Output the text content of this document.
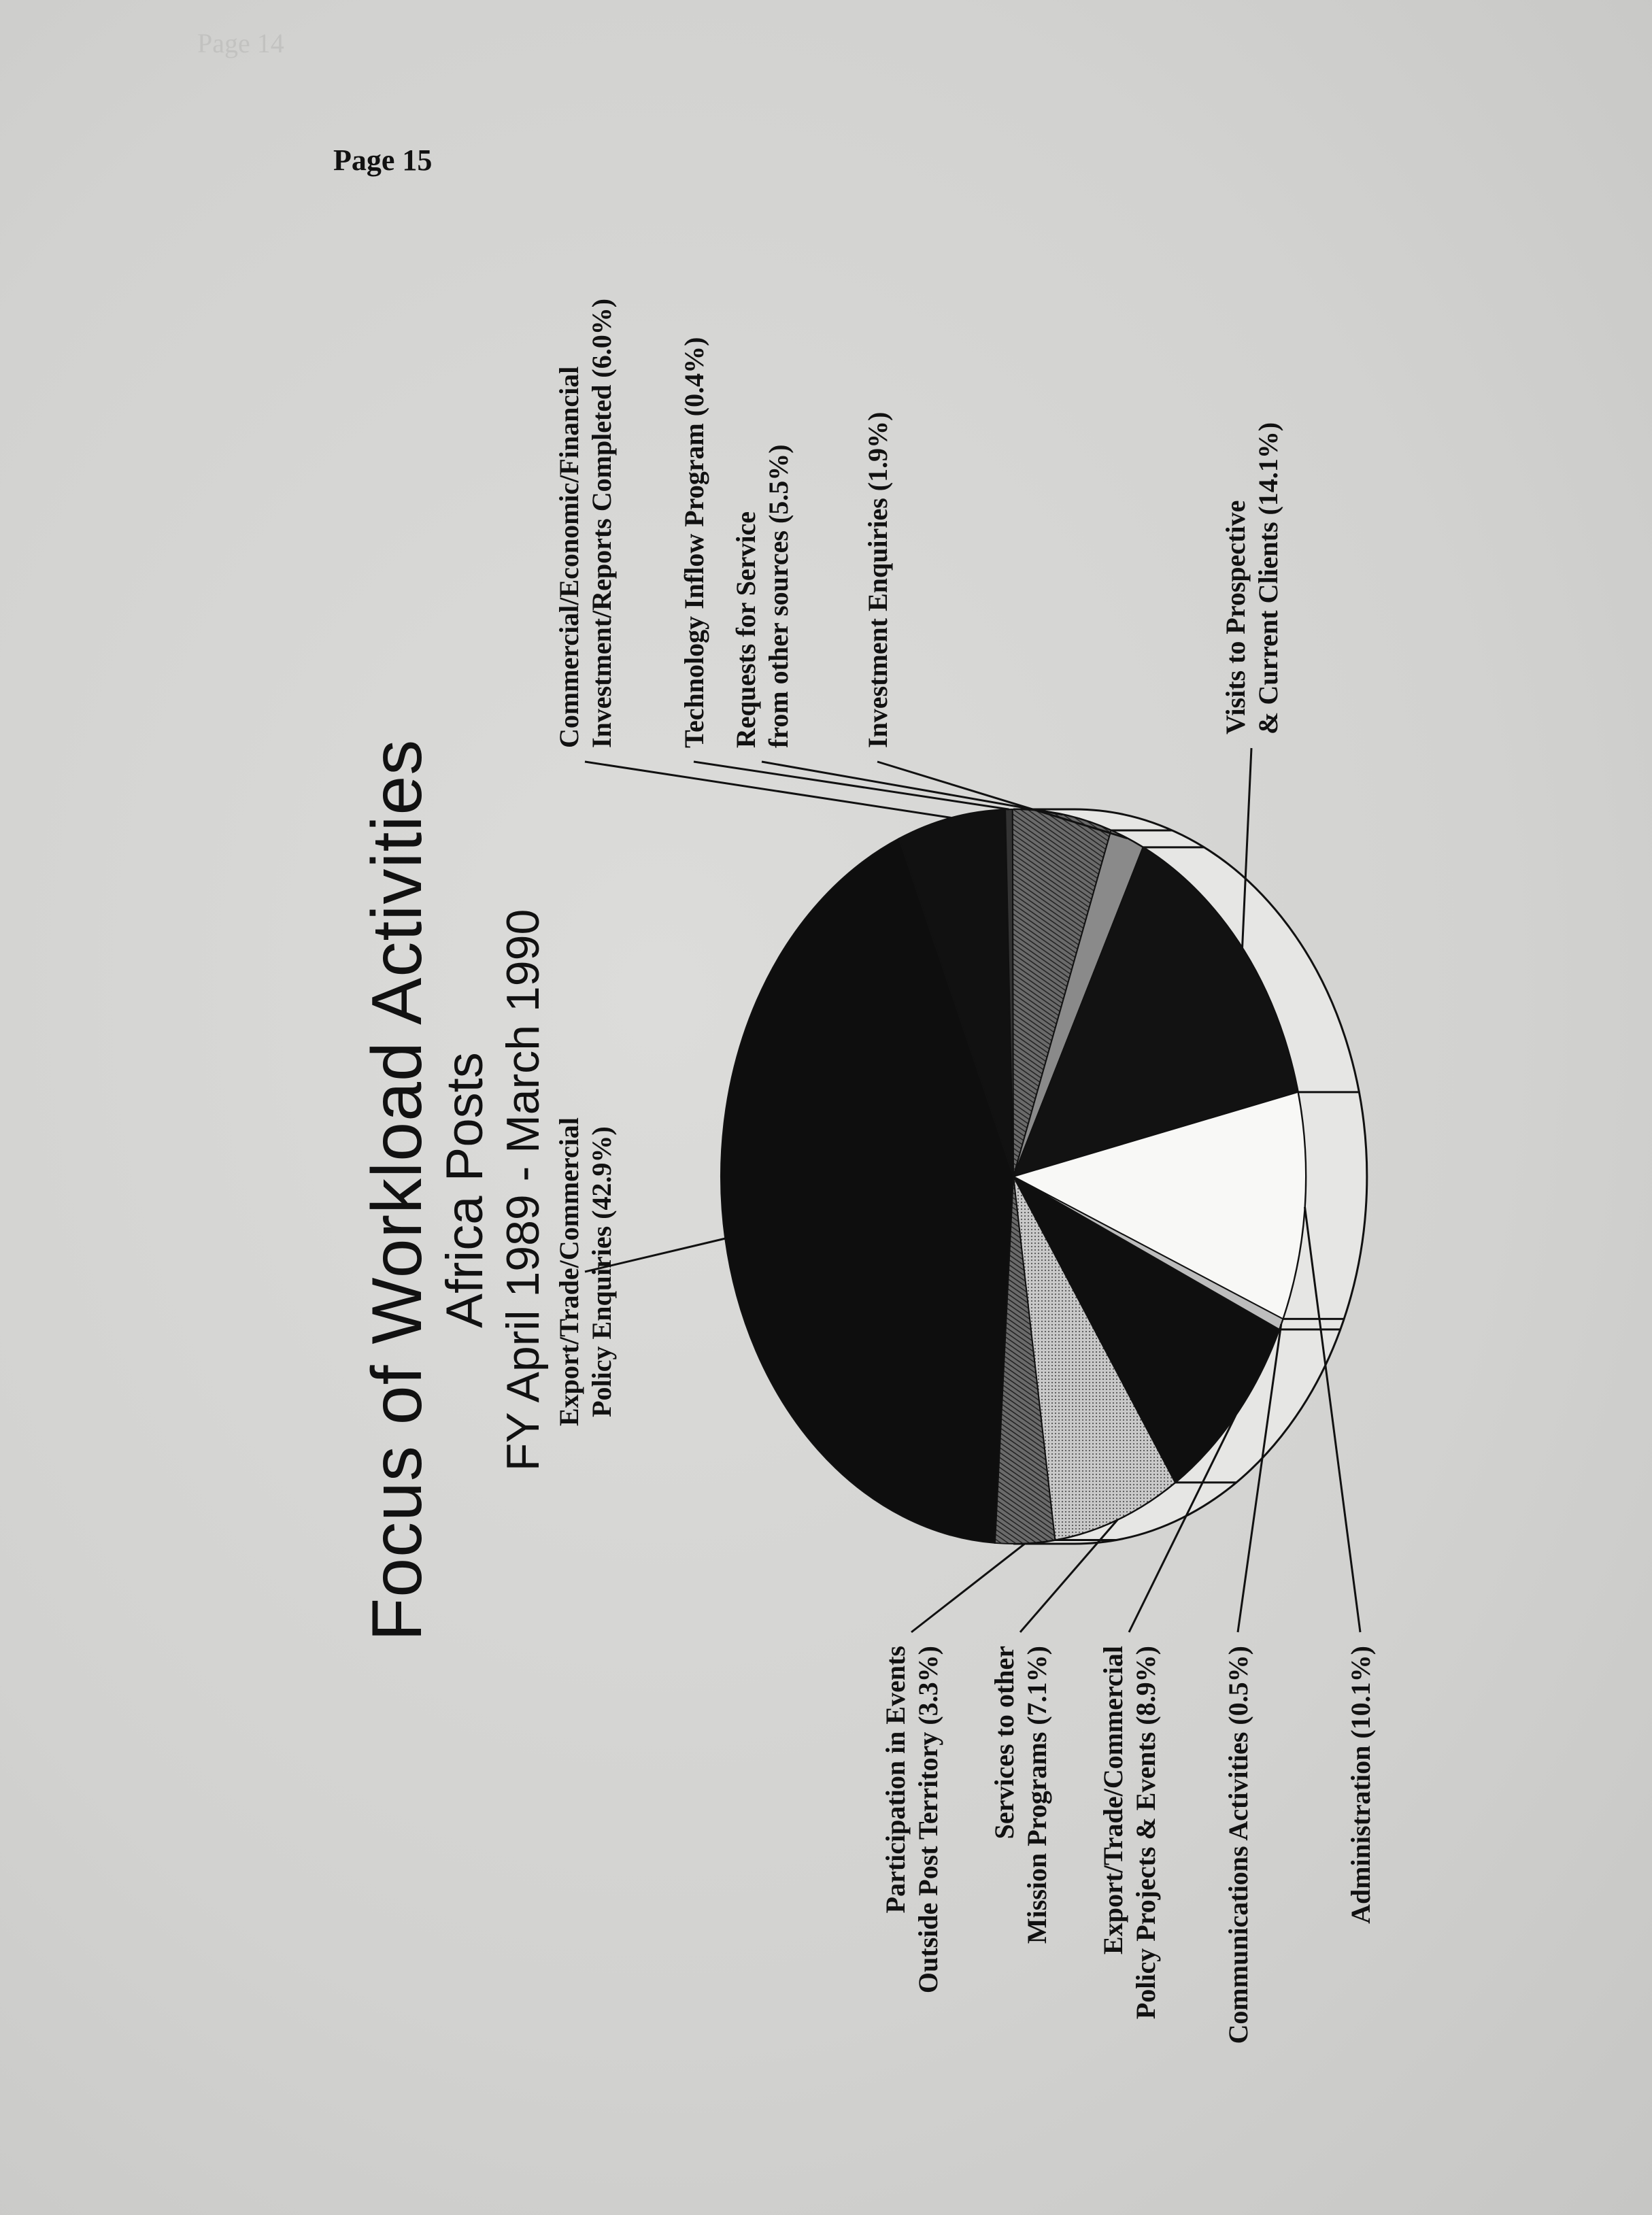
Page 14
Page 15
Focus of Workload Activities Africa Posts FY April 1989 - March 1990 Export/Trade/Commercial Policy Enquiries (42.9%)
Commercial/Economic/Financial Investment/Reports Completed (6.0%) Technology Inflow Program (0.4%) Requests for Service from other sources (5.5%)	Investment Enquiries (1.9%)	Visits to Prospective & Current Clients (14.1%)
Administration (10.1%)
Communications Activities (0.5%)
Export/Trade/Commercial Policy Projects & Events (8.9%)
Services to other Mission Programs (7.1%)
Participation in Events Outside Post Territory (3.3%)
